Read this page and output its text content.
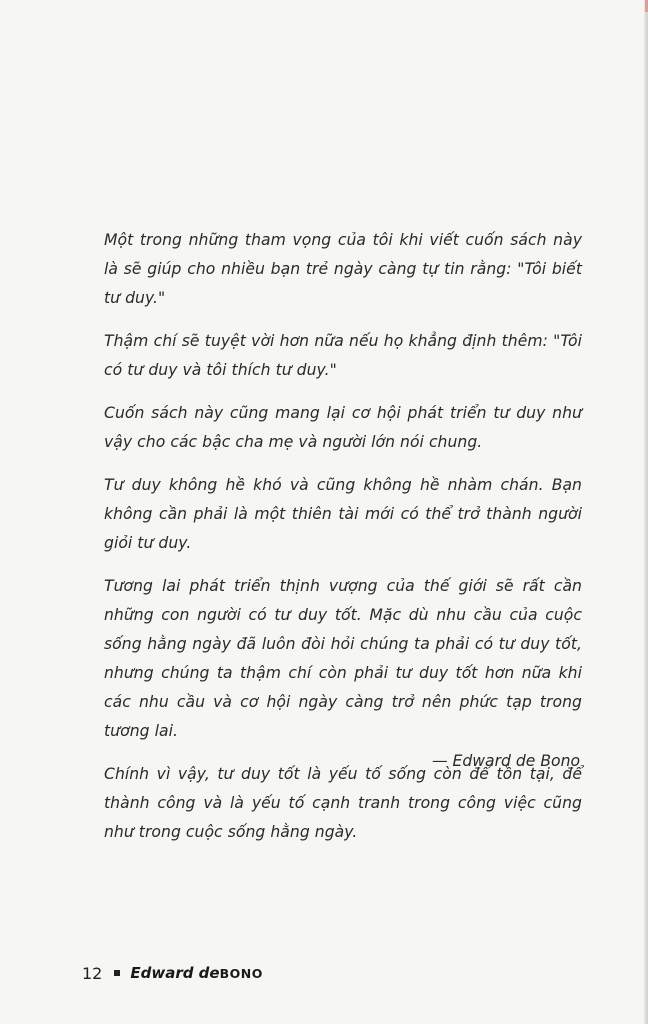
Một trong những tham vọng của tôi khi viết cuốn sách này là sẽ giúp cho nhiều bạn trẻ ngày càng tự tin rằng: "Tôi biết tư duy."

Thậm chí sẽ tuyệt vời hơn nữa nếu họ khẳng định thêm: "Tôi có tư duy và tôi thích tư duy."

Cuốn sách này cũng mang lại cơ hội phát triển tư duy như vậy cho các bậc cha mẹ và người lớn nói chung.

Tư duy không hề khó và cũng không hề nhàm chán. Bạn không cần phải là một thiên tài mới có thể trở thành người giỏi tư duy.

Tương lai phát triển thịnh vượng của thế giới sẽ rất cần những con người có tư duy tốt. Mặc dù nhu cầu của cuộc sống hằng ngày đã luôn đòi hỏi chúng ta phải có tư duy tốt, nhưng chúng ta thậm chí còn phải tư duy tốt hơn nữa khi các nhu cầu và cơ hội ngày càng trở nên phức tạp trong tương lai.

Chính vì vậy, tư duy tốt là yếu tố sống còn để tồn tại, để thành công và là yếu tố cạnh tranh trong công việc cũng như trong cuộc sống hằng ngày.

— Edward de Bono
12 Edward de BONO
